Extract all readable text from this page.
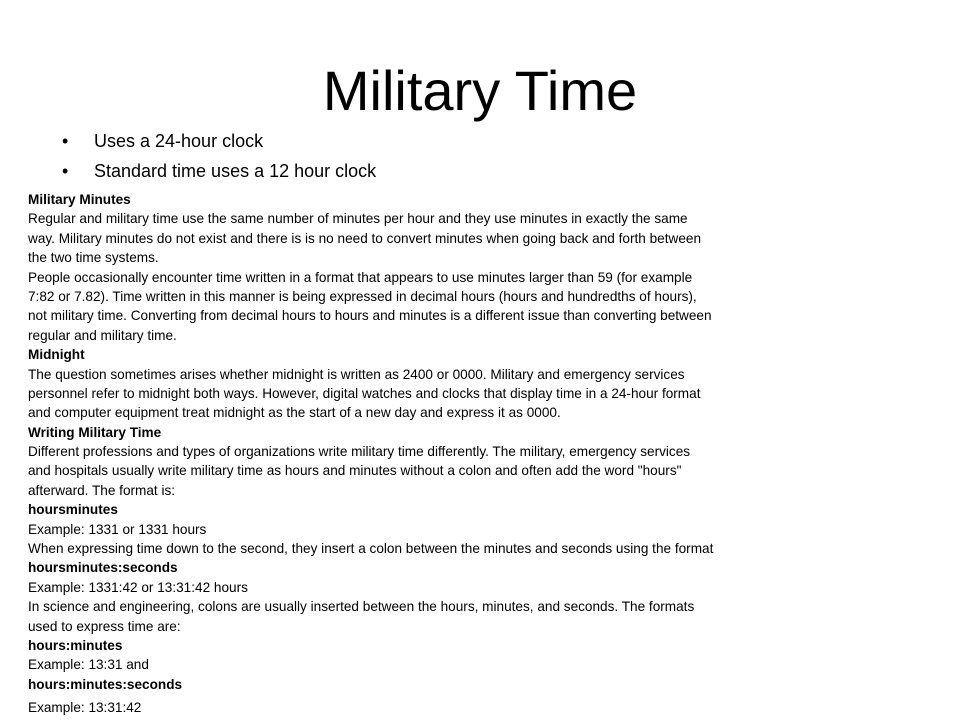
Military Time
• Uses a 24-hour clock
• Standard time uses a 12 hour clock
Military Minutes
Regular and military time use the same number of minutes per hour and they use minutes in exactly the same
way. Military minutes do not exist and there is is no need to convert minutes when going back and forth between
the two time systems.
People occasionally encounter time written in a format that appears to use minutes larger than 59 (for example
7:82 or 7.82). Time written in this manner is being expressed in decimal hours (hours and hundredths of hours),
not military time. Converting from decimal hours to hours and minutes is a different issue than converting between
regular and military time.
Midnight
The question sometimes arises whether midnight is written as 2400 or 0000. Military and emergency services
personnel refer to midnight both ways. However, digital watches and clocks that display time in a 24-hour format
and computer equipment treat midnight as the start of a new day and express it as 0000.
Writing Military Time
Different professions and types of organizations write military time differently. The military, emergency services
and hospitals usually write military time as hours and minutes without a colon and often add the word "hours"
afterward. The format is:
hoursminutes
Example: 1331 or 1331 hours
When expressing time down to the second, they insert a colon between the minutes and seconds using the format
hoursminutes:seconds
Example: 1331:42 or 13:31:42 hours
In science and engineering, colons are usually inserted between the hours, minutes, and seconds. The formats
used to express time are:
hours:minutes
Example: 13:31 and
hours:minutes:seconds
Example: 13:31:42
